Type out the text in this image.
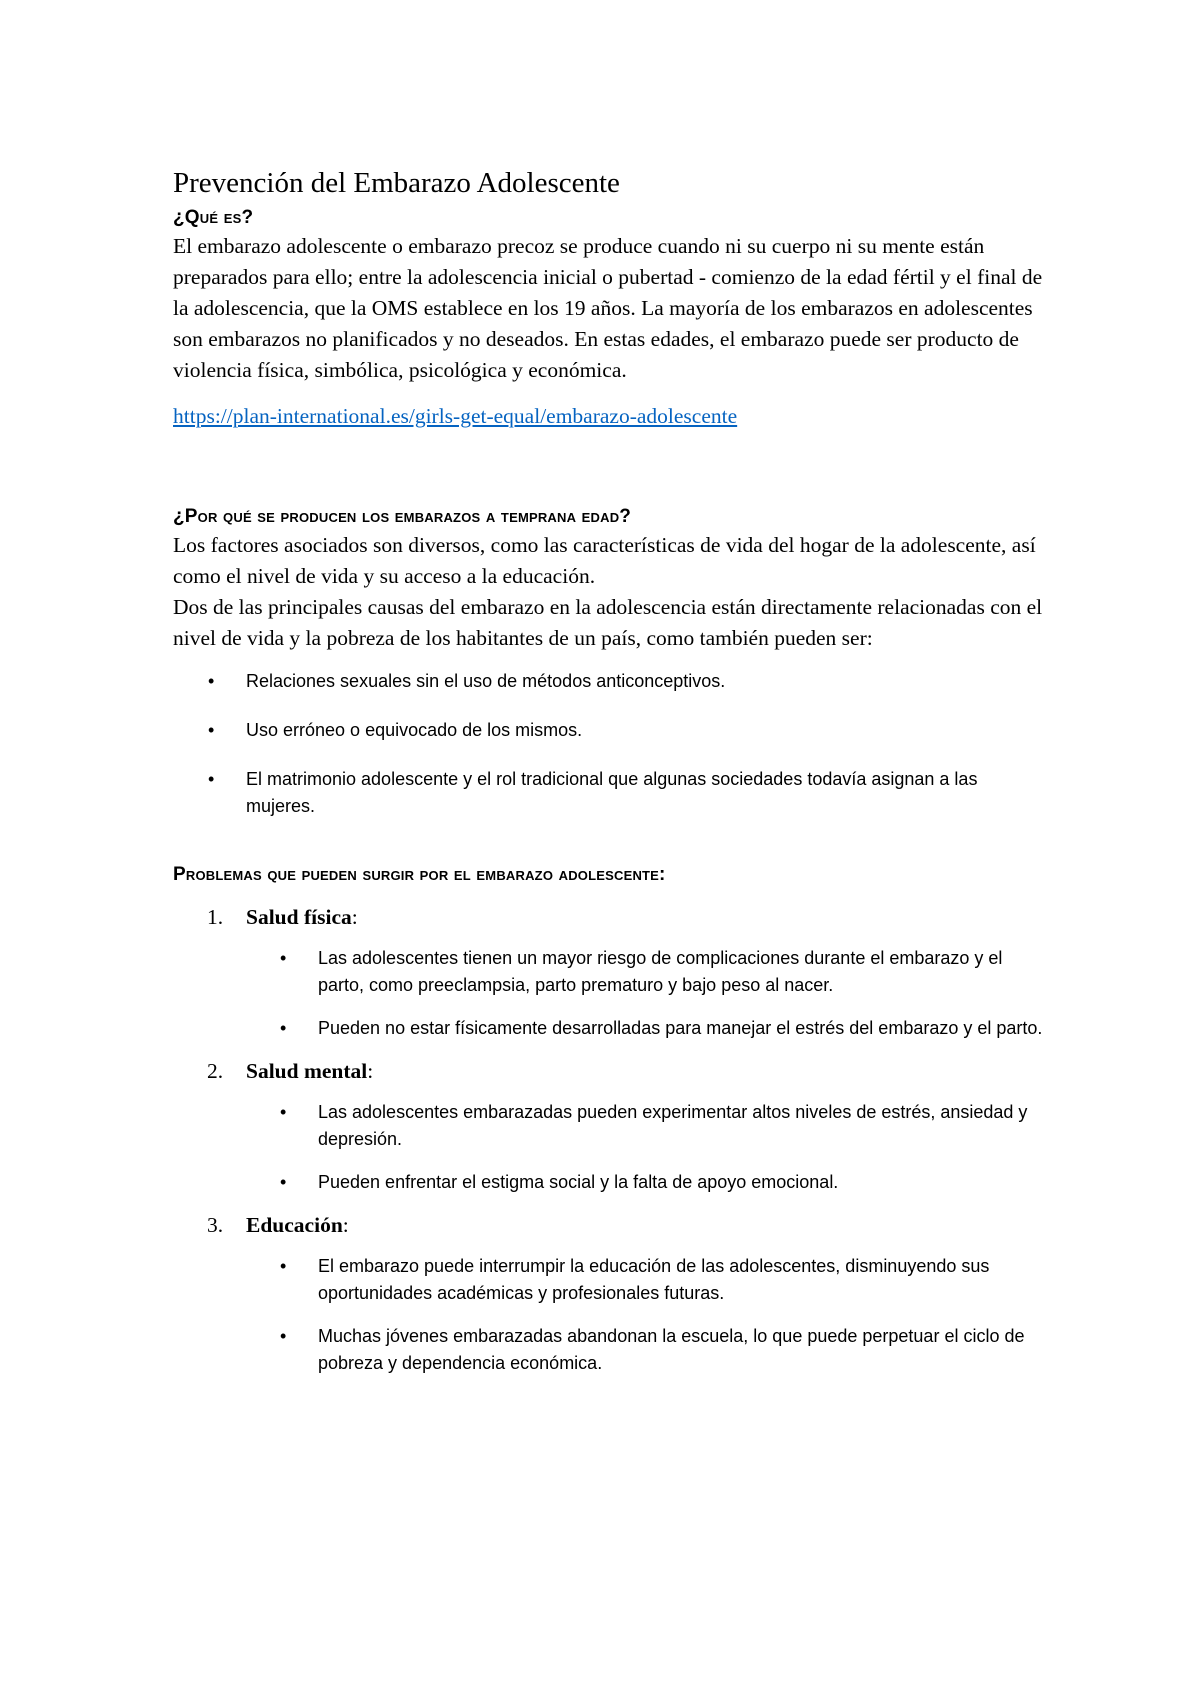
Prevención del Embarazo Adolescente
¿Qué es?

El embarazo adolescente o embarazo precoz se produce cuando ni su cuerpo ni su mente están preparados para ello; entre la adolescencia inicial o pubertad - comienzo de la edad fértil y el final de la adolescencia, que la OMS establece en los 19 años. La mayoría de los embarazos en adolescentes son embarazos no planificados y no deseados. En estas edades, el embarazo puede ser producto de violencia física, simbólica, psicológica y económica.

https://plan-international.es/girls-get-equal/embarazo-adolescente
¿Por qué se producen los embarazos a temprana edad?

Los factores asociados son diversos, como las características de vida del hogar de la adolescente, así como el nivel de vida y su acceso a la educación.

Dos de las principales causas del embarazo en la adolescencia están directamente relacionadas con el nivel de vida y la pobreza de los habitantes de un país, como también pueden ser:

• Relaciones sexuales sin el uso de métodos anticonceptivos.
• Uso erróneo o equivocado de los mismos.
• El matrimonio adolescente y el rol tradicional que algunas sociedades todavía asignan a las mujeres.
Problemas que pueden surgir por el embarazo adolescente:
1. Salud física:
• Las adolescentes tienen un mayor riesgo de complicaciones durante el embarazo y el parto, como preeclampsia, parto prematuro y bajo peso al nacer.
• Pueden no estar físicamente desarrolladas para manejar el estrés del embarazo y el parto.
2. Salud mental:
• Las adolescentes embarazadas pueden experimentar altos niveles de estrés, ansiedad y depresión.
• Pueden enfrentar el estigma social y la falta de apoyo emocional.
3. Educación:
• El embarazo puede interrumpir la educación de las adolescentes, disminuyendo sus oportunidades académicas y profesionales futuras.
• Muchas jóvenes embarazadas abandonan la escuela, lo que puede perpetuar el ciclo de pobreza y dependencia económica.
